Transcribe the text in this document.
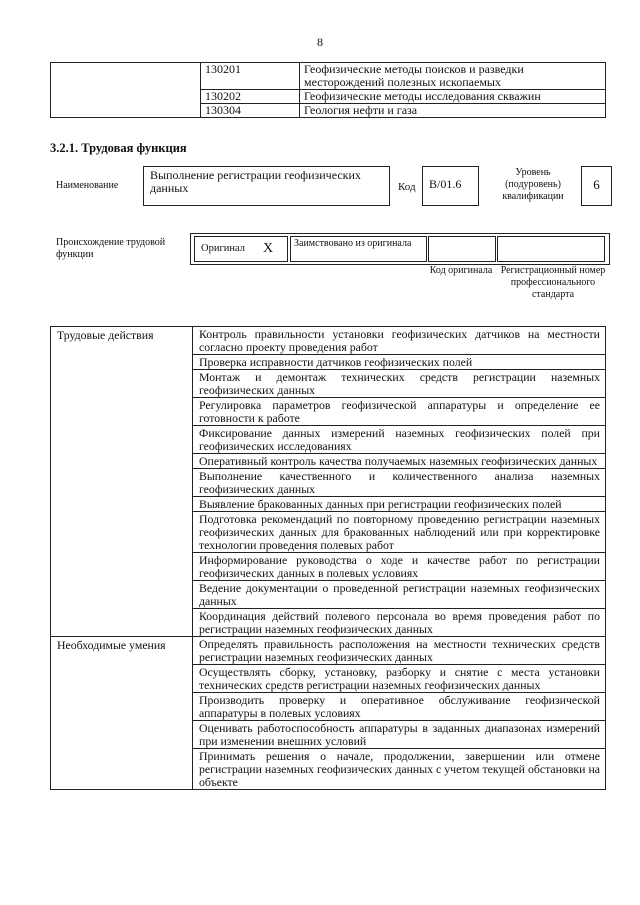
8
	130201	Геофизические методы поисков и разведки месторождений полезных ископаемых
	130202	Геофизические методы исследования скважин
	130304	Геология нефти и газа
3.2.1. Трудовая функция
Наименование
Выполнение регистрации геофизических данных	Код	В/01.6
Уровень (подуровень) квалификации
6
Происхождение трудовой функции
Оригинал X	Заимствовано из оригинала
Код оригинала Регистрационный номер профессионального стандарта
Трудовые действия	Контроль правильности установки геофизических датчиков на местности согласно проекту проведения работ
	Проверка исправности датчиков геофизических полей
	Монтаж и демонтаж технических средств регистрации наземных геофизических данных
	Регулировка параметров геофизической аппаратуры и определение ее готовности к работе
	Фиксирование данных измерений наземных геофизических полей при геофизических исследованиях
	Оперативный контроль качества получаемых наземных геофизических данных
	Выполнение качественного и количественного анализа наземных геофизических данных
	Выявление бракованных данных при регистрации геофизических полей
	Подготовка рекомендаций по повторному проведению регистрации наземных геофизических данных для бракованных наблюдений или при корректировке технологии проведения полевых работ
	Информирование руководства о ходе и качестве работ по регистрации геофизических данных в полевых условиях
	Ведение документации о проведенной регистрации наземных геофизических данных
	Координация действий полевого персонала во время проведения работ по регистрации наземных геофизических данных
Необходимые умения	Определять правильность расположения на местности технических средств регистрации наземных геофизических данных
	Осуществлять сборку, установку, разборку и снятие с места установки технических средств регистрации наземных геофизических данных
	Производить проверку и оперативное обслуживание геофизической аппаратуры в полевых условиях
	Оценивать работоспособность аппаратуры в заданных диапазонах измерений при изменении внешних условий
	Принимать решения о начале, продолжении, завершении или отмене регистрации наземных геофизических данных с учетом текущей обстановки на объекте
